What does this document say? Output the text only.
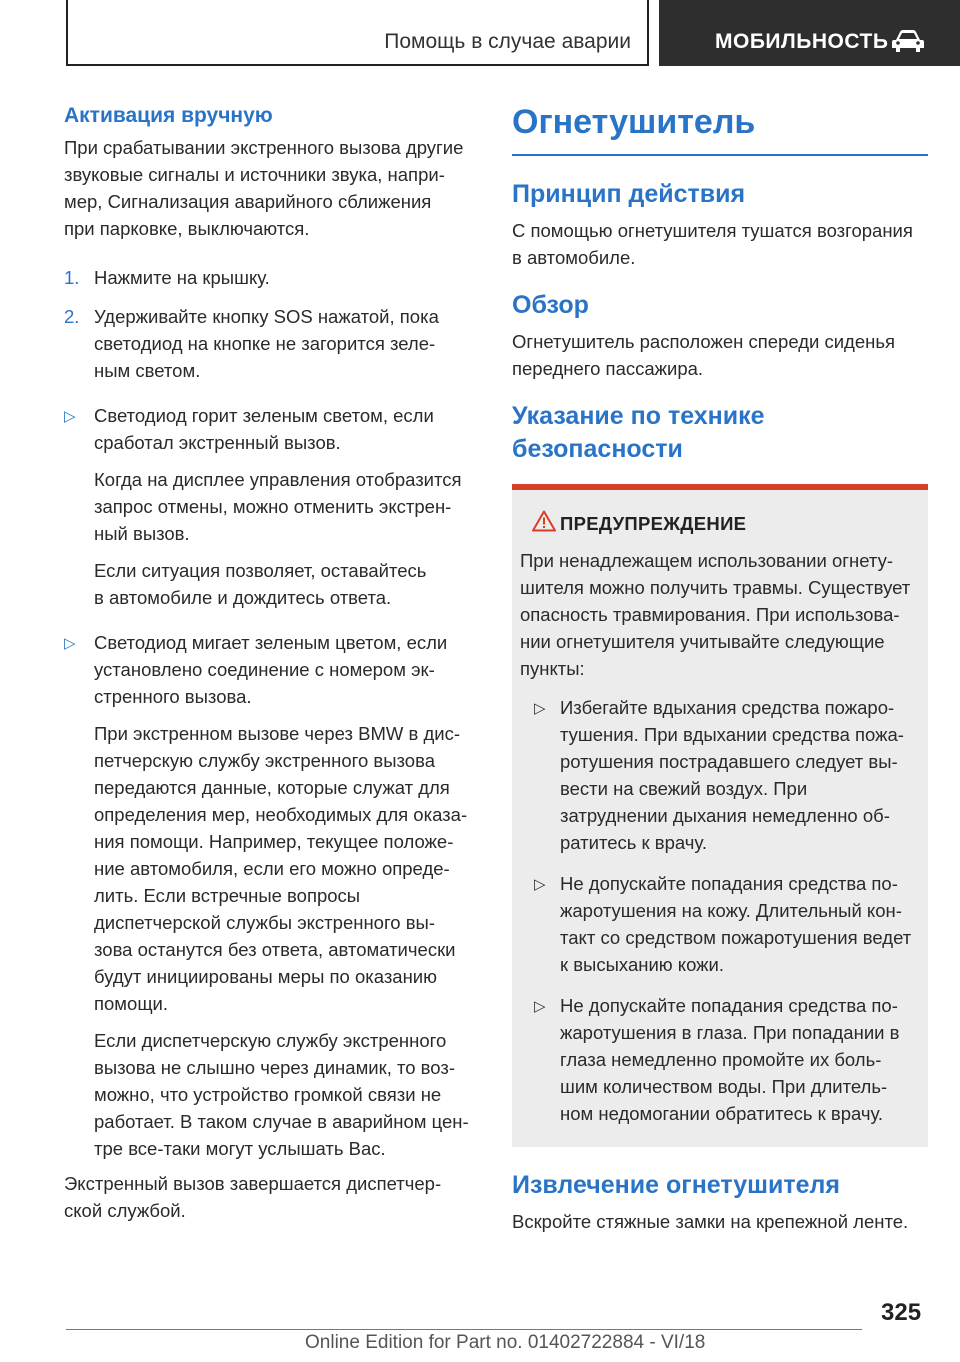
Помощь в случае аварии	МОБИЛЬНОСТЬ
Активация вручную
При срабатывании экстренного вызова другие
звуковые сигналы и источники звука, напри-
мер, Сигнализация аварийного сближения
при парковке, выключаются.
1. Нажмите на крышку.
2. Удерживайте кнопку SOS нажатой, пока
светодиод на кнопке не загорится зеле-
ным светом.
▷ Светодиод горит зеленым светом, если
сработал экстренный вызов.
Когда на дисплее управления отобразится
запрос отмены, можно отменить экстрен-
ный вызов.
Если ситуация позволяет, оставайтесь
в автомобиле и дождитесь ответа.
▷ Светодиод мигает зеленым цветом, если
установлено соединение с номером эк-
стренного вызова.
При экстренном вызове через BMW в дис-
петчерскую службу экстренного вызова
передаются данные, которые служат для
определения мер, необходимых для оказа-
ния помощи. Например, текущее положе-
ние автомобиля, если его можно опреде-
лить. Если встречные вопросы
диспетчерской службы экстренного вы-
зова останутся без ответа, автоматически
будут инициированы меры по оказанию
помощи.
Если диспетчерскую службу экстренного
вызова не слышно через динамик, то воз-
можно, что устройство громкой связи не
работает. В таком случае в аварийном цен-
тре все-таки могут услышать Вас.
Экстренный вызов завершается диспетчер-
ской службой.
Огнетушитель
Принцип действия
С помощью огнетушителя тушатся возгорания
в автомобиле.
Обзор
Огнетушитель расположен спереди сиденья
переднего пассажира.
Указание по технике
безопасности
ПРЕДУПРЕЖДЕНИЕ
При ненадлежащем использовании огнету-
шителя можно получить травмы. Существует
опасность травмирования. При использова-
нии огнетушителя учитывайте следующие
пункты:
▷ Избегайте вдыхания средства пожаро-
тушения. При вдыхании средства пожа-
ротушения пострадавшего следует вы-
вести на свежий воздух. При
затруднении дыхания немедленно об-
ратитесь к врачу.
▷ Не допускайте попадания средства по-
жаротушения на кожу. Длительный кон-
такт со средством пожаротушения ведет
к высыханию кожи.
▷ Не допускайте попадания средства по-
жаротушения в глаза. При попадании в
глаза немедленно промойте их боль-
шим количеством воды. При длитель-
ном недомогании обратитесь к врачу.
Извлечение огнетушителя
Вскройте стяжные замки на крепежной ленте.
325
Online Edition for Part no. 01402722884 - VI/18
